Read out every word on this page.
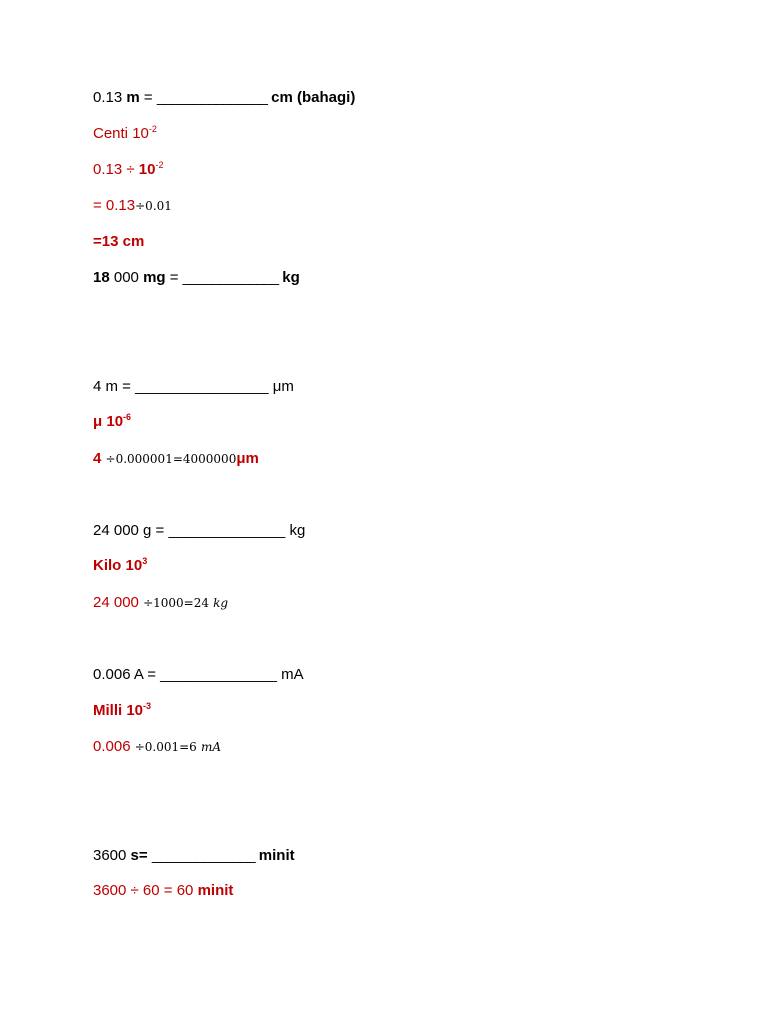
0.13 m = _______________ cm (bahagi)
Centi $10^{-2}$
$0.13 \div 10^{-2}$
= 0.13÷0.01
=13 cm
18 000 mg = _____________ kg
4 m = ________________ μm
μ $10^{-6}$
4 ÷0.000001=4000000μm
24 000 g = ______________ kg
Kilo $10^3$
24 000 ÷1000=24 kg
0.006 A = ______________ mA
Milli $10^{-3}$
0.006 ÷0.001=6 mA
3600 s= ______________ minit
3600 ÷ 60 = 60 minit
